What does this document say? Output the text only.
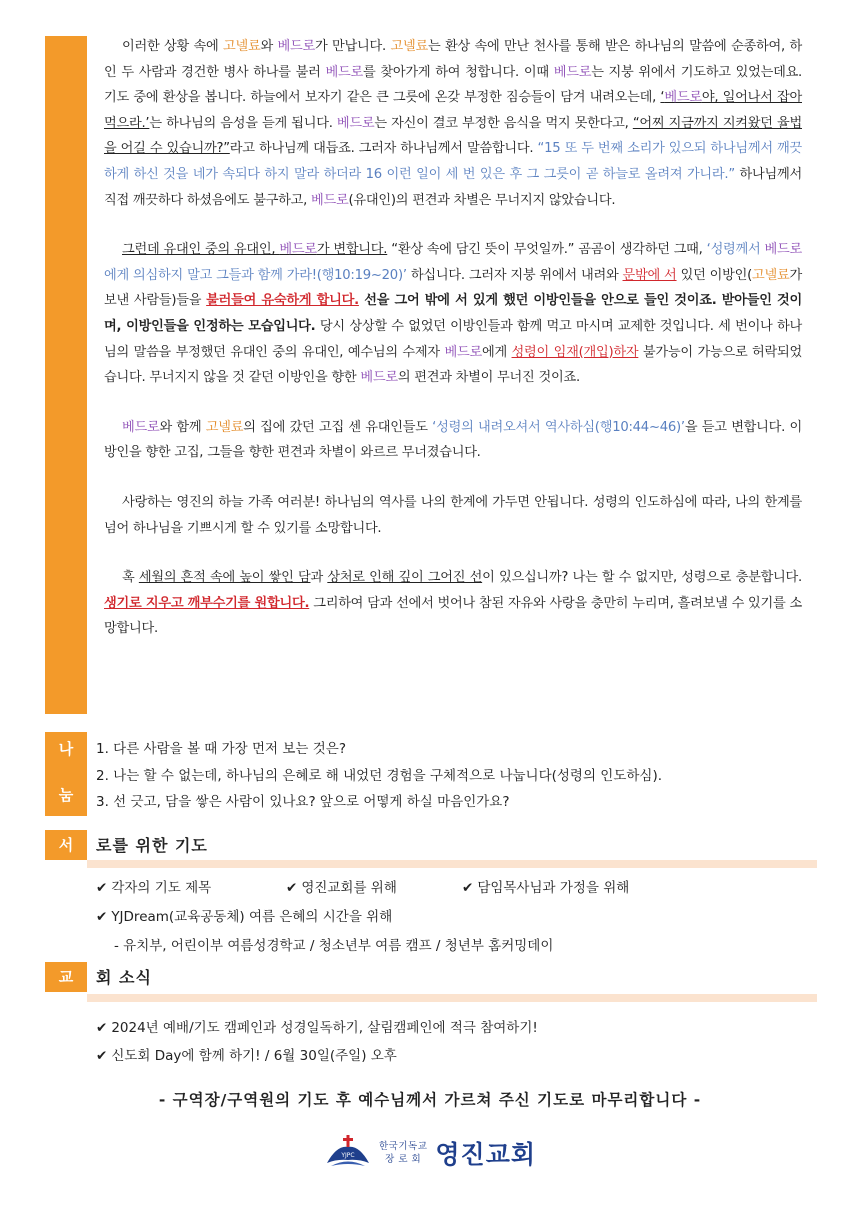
이러한 상황 속에 고넬료와 베드로가 만납니다. 고넬료는 환상 속에 만난 천사를 통해 받은 하나님의 말씀에 순종하여, 하인 두 사람과 경건한 병사 하나를 불러 베드로를 찾아가게 하여 청합니다. 이때 베드로는 지붕 위에서 기도하고 있었는데요. 기도 중에 환상을 봅니다. 하늘에서 보자기 같은 큰 그릇에 온갖 부정한 짐승들이 담겨 내려오는데, ‘베드로야, 일어나서 잡아먹으라.’는 하나님의 음성을 듣게 됩니다. 베드로는 자신이 결코 부정한 음식을 먹지 못한다고, “어찌 지금까지 지켜왔던 율법을 어길 수 있습니까?”라고 하나님께 대듭죠. 그러자 하나님께서 말씀합니다. “15 또 두 번째 소리가 있으되 하나님께서 깨끗하게 하신 것을 네가 속되다 하지 말라 하더라 16 이런 일이 세 번 있은 후 그 그릇이 곧 하늘로 올려져 가니라.” 하나님께서 직접 깨끗하다 하셨음에도 불구하고, 베드로(유대인)의 편견과 차별은 무너지지 않았습니다.

그런데 유대인 중의 유대인, 베드로가 변합니다. “환상 속에 담긴 뜻이 무엇일까.” 곰곰이 생각하던 그때, ‘성령께서 베드로에게 의심하지 말고 그들과 함께 가라!(행10:19~20)’ 하십니다. 그러자 지붕 위에서 내려와 문밖에 서 있던 이방인(고넬료가 보낸 사람들)들을 불러들여 유숙하게 합니다. 선을 그어 밖에 서 있게 했던 이방인들을 안으로 들인 것이죠. 받아들인 것이며, 이방인들을 인정하는 모습입니다. 당시 상상할 수 없었던 이방인들과 함께 먹고 마시며 교제한 것입니다. 세 번이나 하나님의 말씀을 부정했던 유대인 중의 유대인, 예수님의 수제자 베드로에게 성령이 임재(개입)하자 불가능이 가능으로 허락되었습니다. 무너지지 않을 것 같던 이방인을 향한 베드로의 편견과 차별이 무너진 것이죠.

베드로와 함께 고넬료의 집에 갔던 고집 센 유대인들도 ‘성령의 내려오셔서 역사하심(행10:44~46)’을 듣고 변합니다. 이방인을 향한 고집, 그들을 향한 편견과 차별이 와르르 무너졌습니다.

사랑하는 영진의 하늘 가족 여러분! 하나님의 역사를 나의 한계에 가두면 안됩니다. 성령의 인도하심에 따라, 나의 한계를 넘어 하나님을 기쁘시게 할 수 있기를 소망합니다.

혹 세월의 흔적 속에 높이 쌓인 담과 상처로 인해 깊이 그어진 선이 있으십니까? 나는 할 수 없지만, 성령으로 충분합니다. 생기로 지우고 깨부수기를 원합니다. 그리하여 담과 선에서 벗어나 참된 자유와 사랑을 충만히 누리며, 흘려보낼 수 있기를 소망합니다.

나
눔
1. 다른 사람을 볼 때 가장 먼저 보는 것은?
2. 나는 할 수 없는데, 하나님의 은혜로 해 내었던 경험을 구체적으로 나눕니다(성령의 인도하심).
3. 선 긋고, 담을 쌓은 사람이 있나요? 앞으로 어떻게 하실 마음인가요?
서	로를 위한 기도
✔ 각자의 기도 제목	✔ 영진교회를 위해	✔ 담임목사님과 가정을 위해
✔ YJDream(교육공동체) 여름 은혜의 시간을 위해
- 유치부, 어린이부 여름성경학교 / 청소년부 여름 캠프 / 청년부 홈커밍데이
교	회 소식
✔ 2024년 예배/기도 캠페인과 성경일독하기, 살림캠페인에 적극 참여하기!
✔ 신도회 Day에 함께 하기! / 6월 30일(주일) 오후
- 구역장/구역원의 기도 후 예수님께서 가르쳐 주신 기도로 마무리합니다 -
YJPC
한국기독교
장 로 회 영진교회
